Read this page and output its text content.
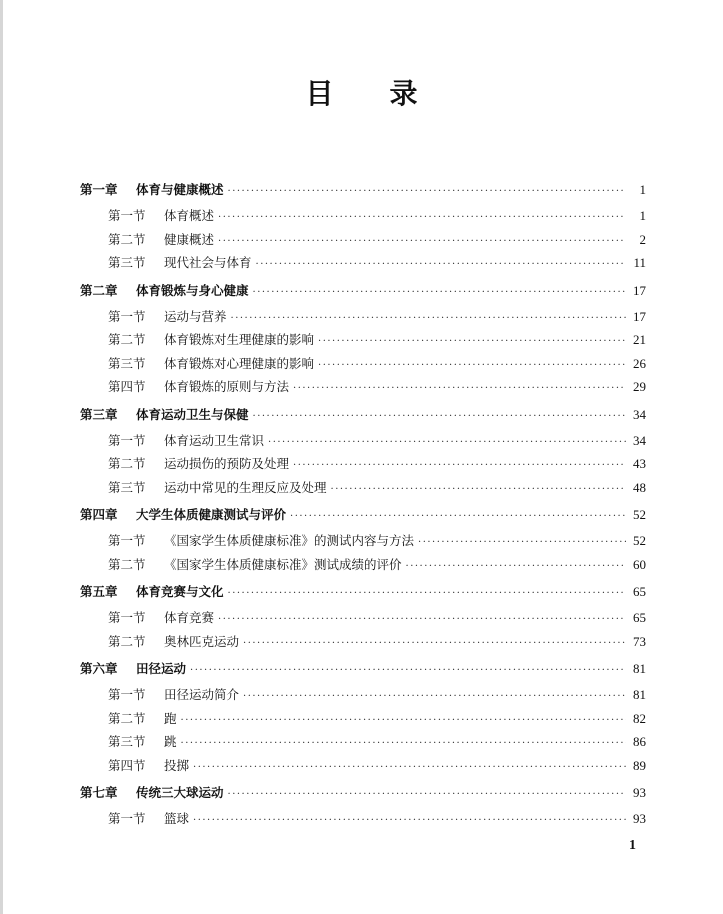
目 录
第一章	体育与健康概述 ·····	1
第一节	体育概述 ·····	1
第二节	健康概述 ·····	2
第三节	现代社会与体育 ·····	11
第二章	体育锻炼与身心健康 ·····	17
第一节	运动与营养 ·····	17
第二节	体育锻炼对生理健康的影响 ·····	21
第三节	体育锻炼对心理健康的影响 ·····	26
第四节	体育锻炼的原则与方法 ·····	29
第三章	体育运动卫生与保健 ·····	34
第一节	体育运动卫生常识 ·····	34
第二节	运动损伤的预防及处理 ·····	43
第三节	运动中常见的生理反应及处理 ·····	48
第四章	大学生体质健康测试与评价 ·····	52
第一节	《国家学生体质健康标准》的测试内容与方法 ·····	52
第二节	《国家学生体质健康标准》测试成绩的评价 ·····	60
第五章	体育竞赛与文化 ·····	65
第一节	体育竞赛 ·····	65
第二节	奥林匹克运动 ·····	73
第六章	田径运动 ·····	81
第一节	田径运动简介 ·····	81
第二节	跑 ·····	82
第三节	跳 ·····	86
第四节	投掷 ·····	89
第七章	传统三大球运动 ·····	93
第一节	篮球 ·····	93
1
